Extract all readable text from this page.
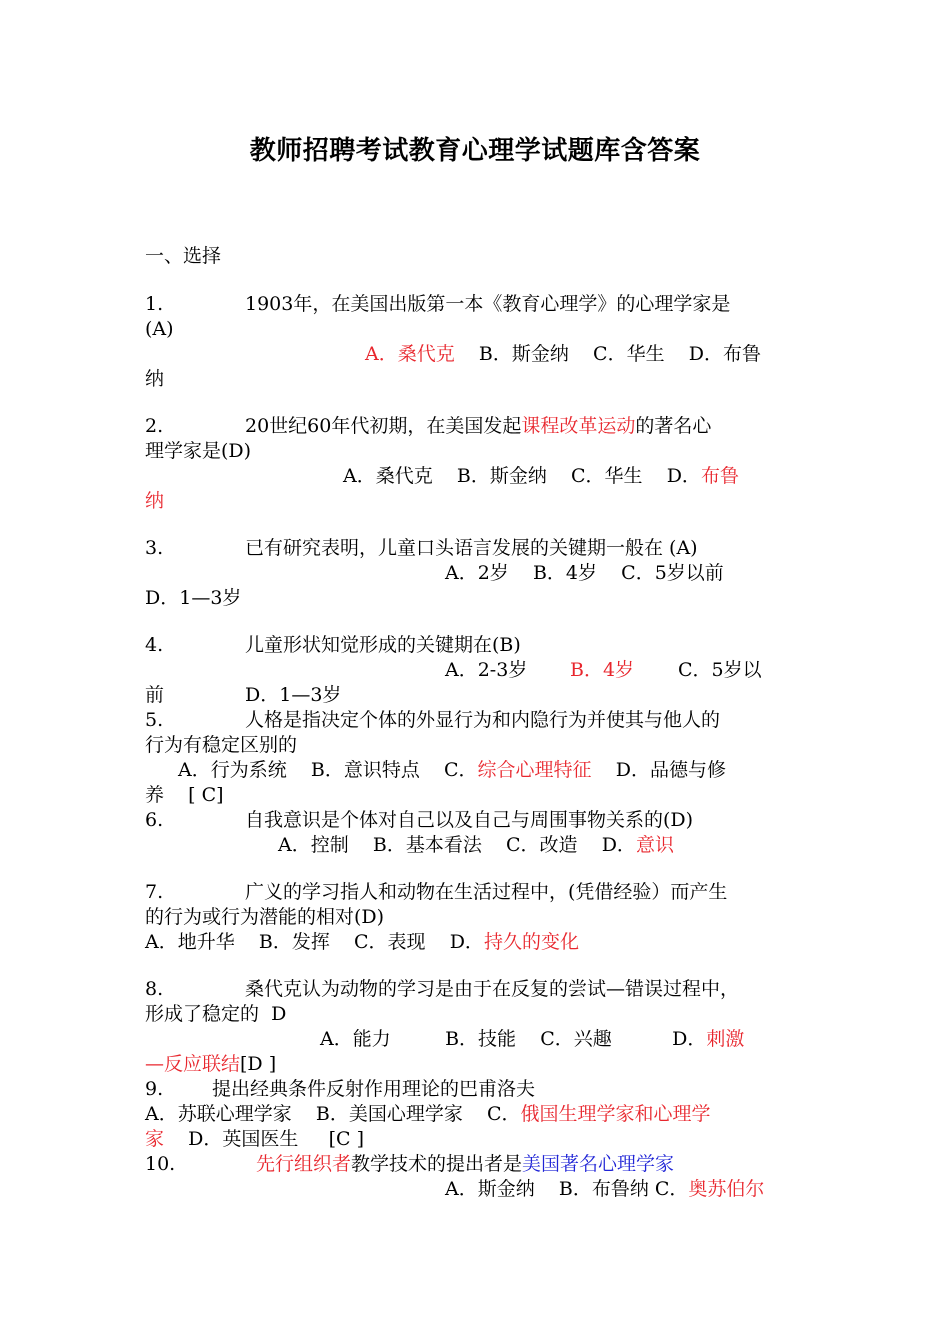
教师招聘考试教育心理学试题库含答案
一、选择
1.	1903年，在美国出版第一本《教育心理学》的心理学家是
(A)
A．桑代克 B．斯金纳    C．华生    D．布鲁
纳
2.	20世纪60年代初期，在美国发起课程改革运动的著名心
理学家是(D)
A．桑代克    B．斯金纳    C．华生    D．布鲁
纳
3.	已有研究表明，儿童口头语言发展的关键期一般在 (A)
A．2岁    B．4岁    C．5岁以前
D．1—3岁
4.	儿童形状知觉形成的关键期在(B)
A．2-3岁 B．4岁 C．5岁以
前	D．1—3岁
5.	人格是指决定个体的外显行为和内隐行为并使其与他人的
行为有稳定区别的
A．行为系统    B．意识特点    C．综合心理特征    D．品德与修
养    [ C]
6.	自我意识是个体对自己以及自己与周围事物关系的(D)
A．控制    B．基本看法    C．改造    D．意识
7.	广义的学习指人和动物在生活过程中，(凭借经验）而产生
的行为或行为潜能的相对(D)
A．地升华    B．发挥    C．表现    D．持久的变化
8.	桑代克认为动物的学习是由于在反复的尝试—错误过程中，
形成了稳定的  D
A．能力         B．技能    C．兴趣          D．刺激
—反应联结[D ]
9.	提出经典条件反射作用理论的巴甫洛夫
A．苏联心理学家    B．美国心理学家    C．俄国生理学家和心理学
家    D．英国医生     [C ]
10.	先行组织者教学技术的提出者是美国著名心理学家
A．斯金纳    B．布鲁纳 C．奥苏伯尔
